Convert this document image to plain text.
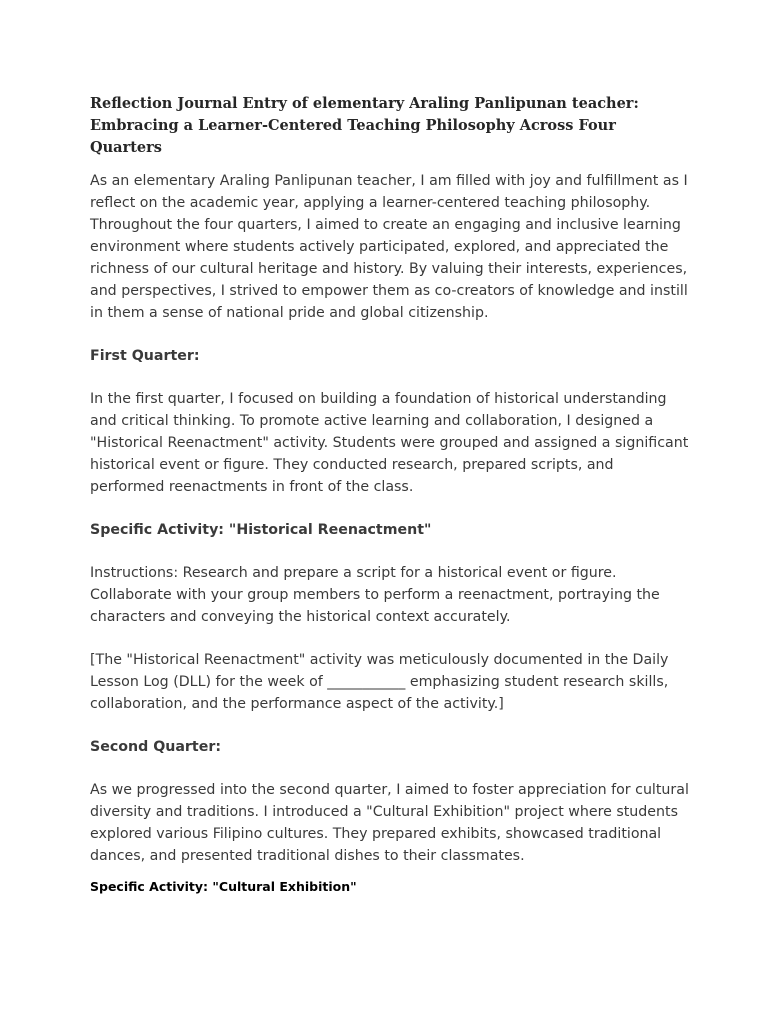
Reflection Journal Entry of elementary Araling Panlipunan teacher: Embracing a Learner-Centered Teaching Philosophy Across Four Quarters

As an elementary Araling Panlipunan teacher, I am filled with joy and fulfillment as I reflect on the academic year, applying a learner-centered teaching philosophy. Throughout the four quarters, I aimed to create an engaging and inclusive learning environment where students actively participated, explored, and appreciated the richness of our cultural heritage and history. By valuing their interests, experiences, and perspectives, I strived to empower them as co-creators of knowledge and instill in them a sense of national pride and global citizenship.

First Quarter:

In the first quarter, I focused on building a foundation of historical understanding and critical thinking. To promote active learning and collaboration, I designed a "Historical Reenactment" activity. Students were grouped and assigned a significant historical event or figure. They conducted research, prepared scripts, and performed reenactments in front of the class.

Specific Activity: "Historical Reenactment"

Instructions: Research and prepare a script for a historical event or figure. Collaborate with your group members to perform a reenactment, portraying the characters and conveying the historical context accurately.

[The "Historical Reenactment" activity was meticulously documented in the Daily Lesson Log (DLL) for the week of ___________ emphasizing student research skills, collaboration, and the performance aspect of the activity.]

Second Quarter:

As we progressed into the second quarter, I aimed to foster appreciation for cultural diversity and traditions. I introduced a "Cultural Exhibition" project where students explored various Filipino cultures. They prepared exhibits, showcased traditional dances, and presented traditional dishes to their classmates.

Specific Activity: "Cultural Exhibition"
